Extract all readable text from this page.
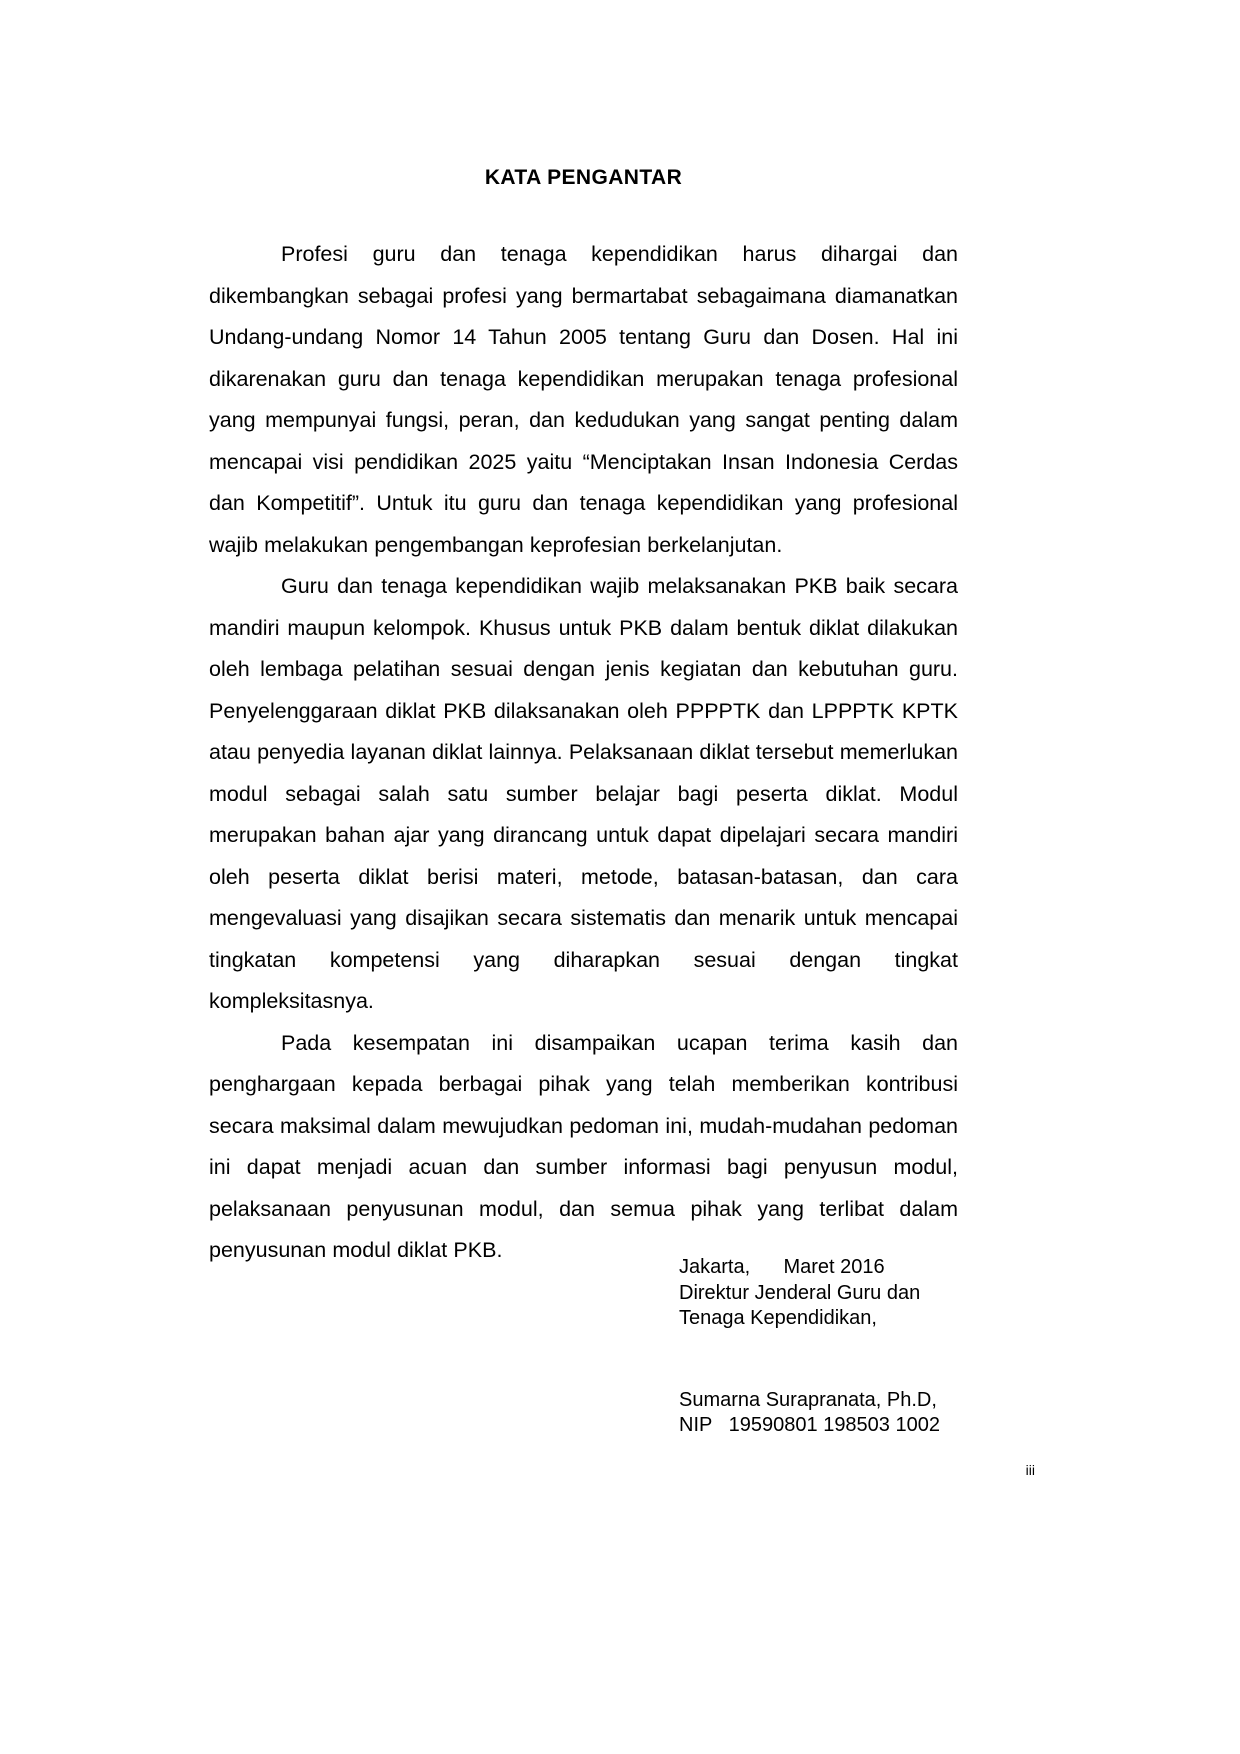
KATA PENGANTAR

Profesi guru dan tenaga kependidikan harus dihargai dan dikembangkan sebagai profesi yang bermartabat sebagaimana diamanatkan Undang-undang Nomor 14 Tahun 2005 tentang Guru dan Dosen. Hal ini dikarenakan guru dan tenaga kependidikan merupakan tenaga profesional yang mempunyai fungsi, peran, dan kedudukan yang sangat penting dalam mencapai visi pendidikan 2025 yaitu “Menciptakan Insan Indonesia Cerdas dan Kompetitif”. Untuk itu guru dan tenaga kependidikan yang profesional wajib melakukan pengembangan keprofesian berkelanjutan.

Guru dan tenaga kependidikan wajib melaksanakan PKB baik secara mandiri maupun kelompok. Khusus untuk PKB dalam bentuk diklat dilakukan oleh lembaga pelatihan sesuai dengan jenis kegiatan dan kebutuhan guru. Penyelenggaraan diklat PKB dilaksanakan oleh PPPPTK dan LPPPTK KPTK atau penyedia layanan diklat lainnya. Pelaksanaan diklat tersebut memerlukan modul sebagai salah satu sumber belajar bagi peserta diklat. Modul merupakan bahan ajar yang dirancang untuk dapat dipelajari secara mandiri oleh peserta diklat berisi materi, metode, batasan-batasan, dan cara mengevaluasi yang disajikan secara sistematis dan menarik untuk mencapai tingkatan kompetensi yang diharapkan sesuai dengan tingkat kompleksitasnya.

Pada kesempatan ini disampaikan ucapan terima kasih dan penghargaan kepada berbagai pihak yang telah memberikan kontribusi secara maksimal dalam mewujudkan pedoman ini, mudah-mudahan pedoman ini dapat menjadi acuan dan sumber informasi bagi penyusun modul, pelaksanaan penyusunan modul, dan semua pihak yang terlibat dalam penyusunan modul diklat PKB.

Jakarta,      Maret 2016
Direktur Jenderal Guru dan
Tenaga Kependidikan,
Sumarna Surapranata, Ph.D,
NIP   19590801 198503 1002
iii
